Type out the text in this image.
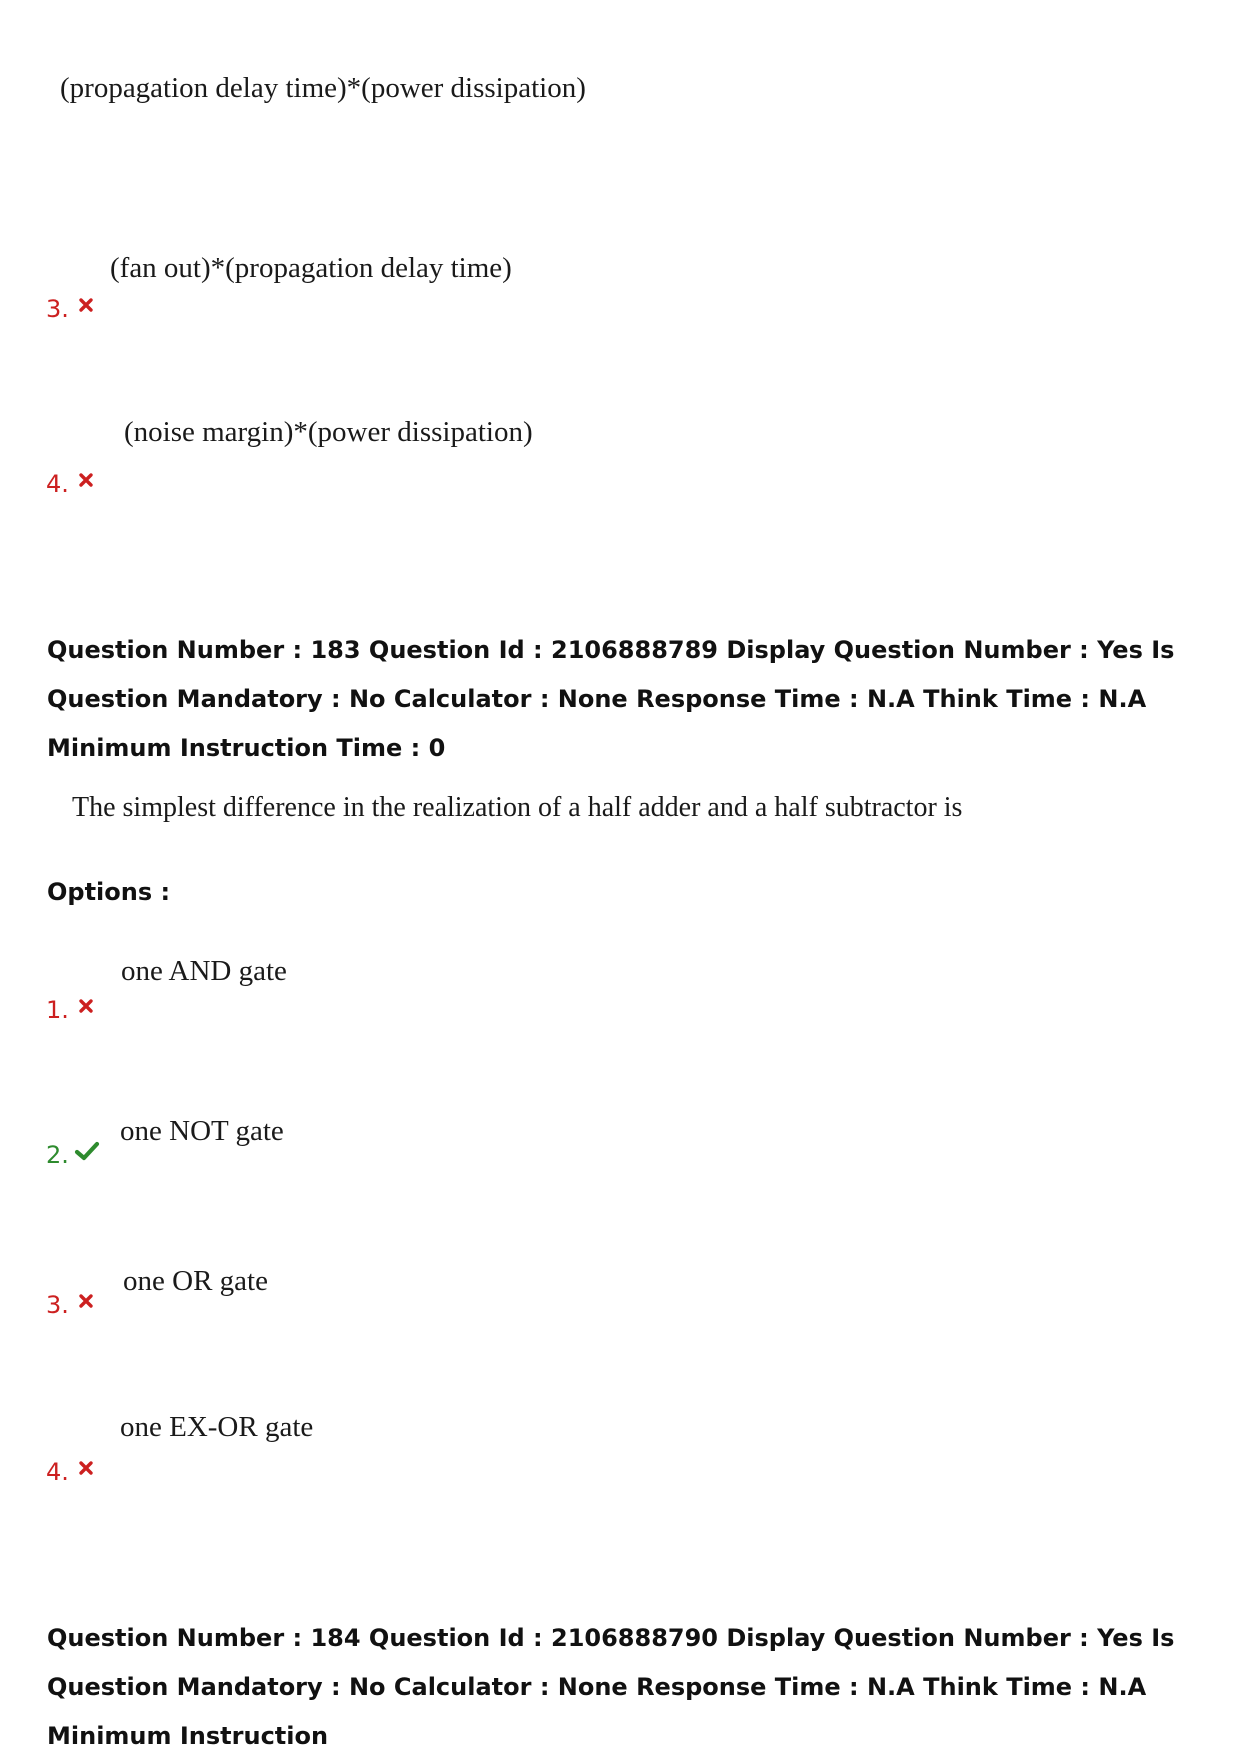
(propagation delay time)*(power dissipation)
(fan out)*(propagation delay time)
3.
(noise margin)*(power dissipation)
4.
Question Number : 183 Question Id : 2106888789 Display Question Number : Yes Is Question Mandatory : No Calculator : None Response Time : N.A Think Time : N.A Minimum Instruction Time : 0
The simplest difference in the realization of a half adder and a half subtractor is
Options :
one AND gate
1.
one NOT gate
2.
one OR gate
3.
one EX-OR gate
4.
Question Number : 184 Question Id : 2106888790 Display Question Number : Yes Is Question Mandatory : No Calculator : None Response Time : N.A Think Time : N.A Minimum Instruction
